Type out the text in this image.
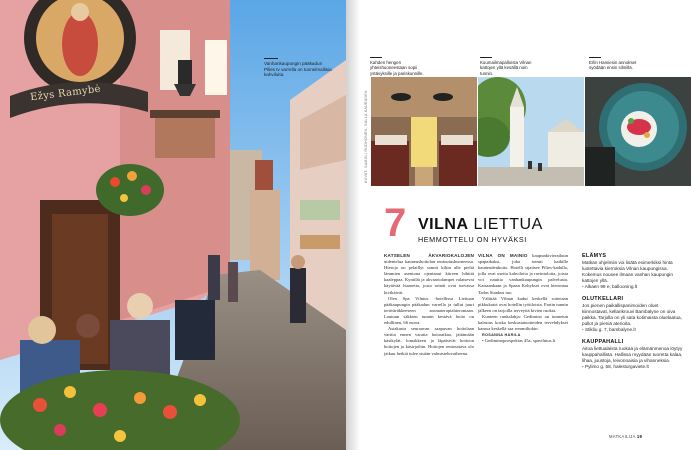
Ežys Ramybė
Vanhankaupungin pääkadun Pilies tv varrella on tunnelmallisia kahviloita.
Kahden hengen yhteishuoneestaan sopii ystävyksille ja pariskunnille.
Kuumailmapalloista Vilnan kattojen yllä kesällä noin tunnin.
Erlin Hamiesin annokset syödään ensin silmillä.
KUVAT: SAMULI RUOHONEN, SALLA KAURANEN
7 VILNA LIETTUA
HEMMOTTELU ON HYVÄKSI

KATSELEN ÄKVARIOKALOJEN uidentelua kauneushoitolan rentoutushuoneessa. Hieroja on pelaillyt sonnit kiltin alle pieliä lämmien asentona ojentanut kiireen hihittä kaaleppaa. Kyntilät ja akvaariolampet valaisevat käytävää huonetta, josta seinät ovat turvassa kivikäivät.

Olen Spa Vilnius -hotellissa Liettuan pääkaupungin pääkadun varrella ja tullut juuri teräväräkkeeseen aromaterapiahierontaan. Lautuun säkkien tunnin kestävä hoito on edullinen, 66 euroa.

Asiakasta seuraavan saapuvan hoitolaan varttia ennen varatta hoitoaikaa, jättämään käsikylät, lomakkeen ja läpäisivät hoitoon hoitojen ja käsirjoihin. Hoitojen rentouttava olo jatkuu hetkiä tulee sisään valmisteluvaiheena.

VILNA ON MAINIO kaupunkivierailuun spapaikaksi, joka toimii kaikille kauneudenhoito. Hotelli sijaitsee Pilies-kadulla, jolla ovat useita kahviloita ja ravintoloita, joista voi nauttia vanhankaupungin palvelusta. Kaisaankaan ja Spaan Kehykset ovat hierontaa Tadas Stankus tuo.

Välittää Vilnan kadut keskellä soitetaan pikkukatot ovat hotellin työtiloista. Partin tunnin jälkeen on tarjoilla terveyttä kivien ruokia.

Kunteen runkalahja: Gedimino on tunnetun kalastus koska keskustatuotteiden tervehdykset kanssa keskellä saa rommiltokin.

ROSANNA HARILA

• Gediminoprospektas 45a, spavilnius.lt

ELÄMYS
Matkan ohjelmiin voi lisätä esimerkiksi hinta luotettavia kierroksia Vilnan kaupungissa. Kokemus nousee ilmaan vanhan kaupungin kattojen yllä.
• Alkaen 99 e, ballooning.lt
OLUTKELLARI
Jos pienen paikallispanimoiden oluet kiinnostavat, kellarikrouvi Bambalyne on oiva paikka. Tarjolla on yli sata kotimaista oluelaatua, pullot ja pieniä aterioita.
• Stikliu g. 7, bambalyne.lt
KAUPPAHALLI
Aitoa liettualaista ruokaa ja elämänmenoa löytyy kauppahallista. Hallissa myydään tuoretta kalaa, lihaa, juustoja, leivonnaisia ja vihanneksia.
• Pylimo g. 58, halesturgaviete.lt
MATKAILIJA 19
